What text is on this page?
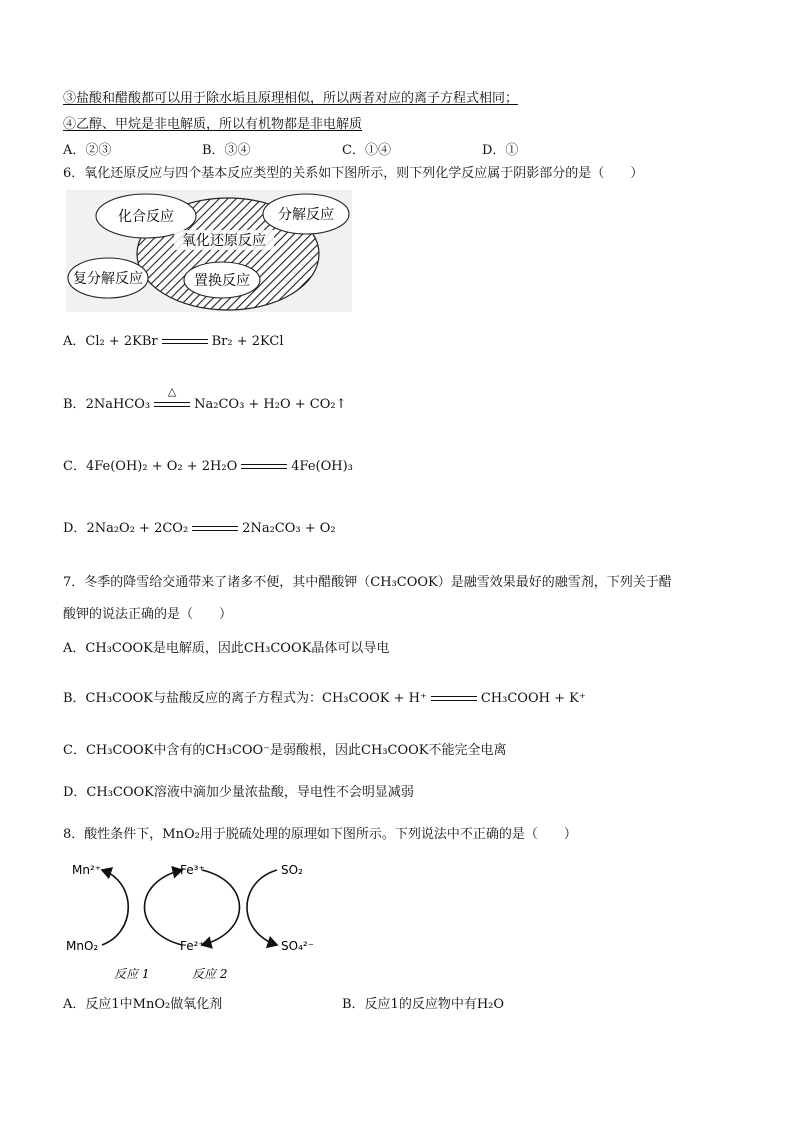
③盐酸和醋酸都可以用于除水垢且原理相似，所以两者对应的离子方程式相同；
④乙醇、甲烷是非电解质，所以有机物都是非电解质
A．②③	B．③④	C．①④	D．①
6．氧化还原反应与四个基本反应类型的关系如下图所示，则下列化学反应属于阴影部分的是（　　）
化合反应	分解反应
氧化还原反应
复分解反应	置换反应
A．Cl₂ + 2KBr	Br₂ + 2KCl
B．2NaHCO₃
△
Na₂CO₃ + H₂O + CO₂↑
C．4Fe(OH)₂ + O₂ + 2H₂O	4Fe(OH)₃
D．2Na₂O₂ + 2CO₂	2Na₂CO₃ + O₂
7．冬季的降雪给交通带来了诸多不便，其中醋酸钾（CH₃COOK）是融雪效果最好的融雪剂，下列关于醋
酸钾的说法正确的是（　　）
A．CH₃COOK是电解质，因此CH₃COOK晶体可以导电
B．CH₃COOK与盐酸反应的离子方程式为：CH₃COOK + H⁺	CH₃COOH + K⁺
C．CH₃COOK中含有的CH₃COO⁻是弱酸根，因此CH₃COOK不能完全电离
D．CH₃COOK溶液中滴加少量浓盐酸，导电性不会明显减弱
8．酸性条件下，MnO₂用于脱硫处理的原理如下图所示。下列说法中不正确的是（　　）
Mn²⁺
MnO₂
Fe³⁺
Fe²⁺
SO₂
SO₄²⁻
反应 1	反应 2
A．反应1中MnO₂做氧化剂	B．反应1的反应物中有H₂O
